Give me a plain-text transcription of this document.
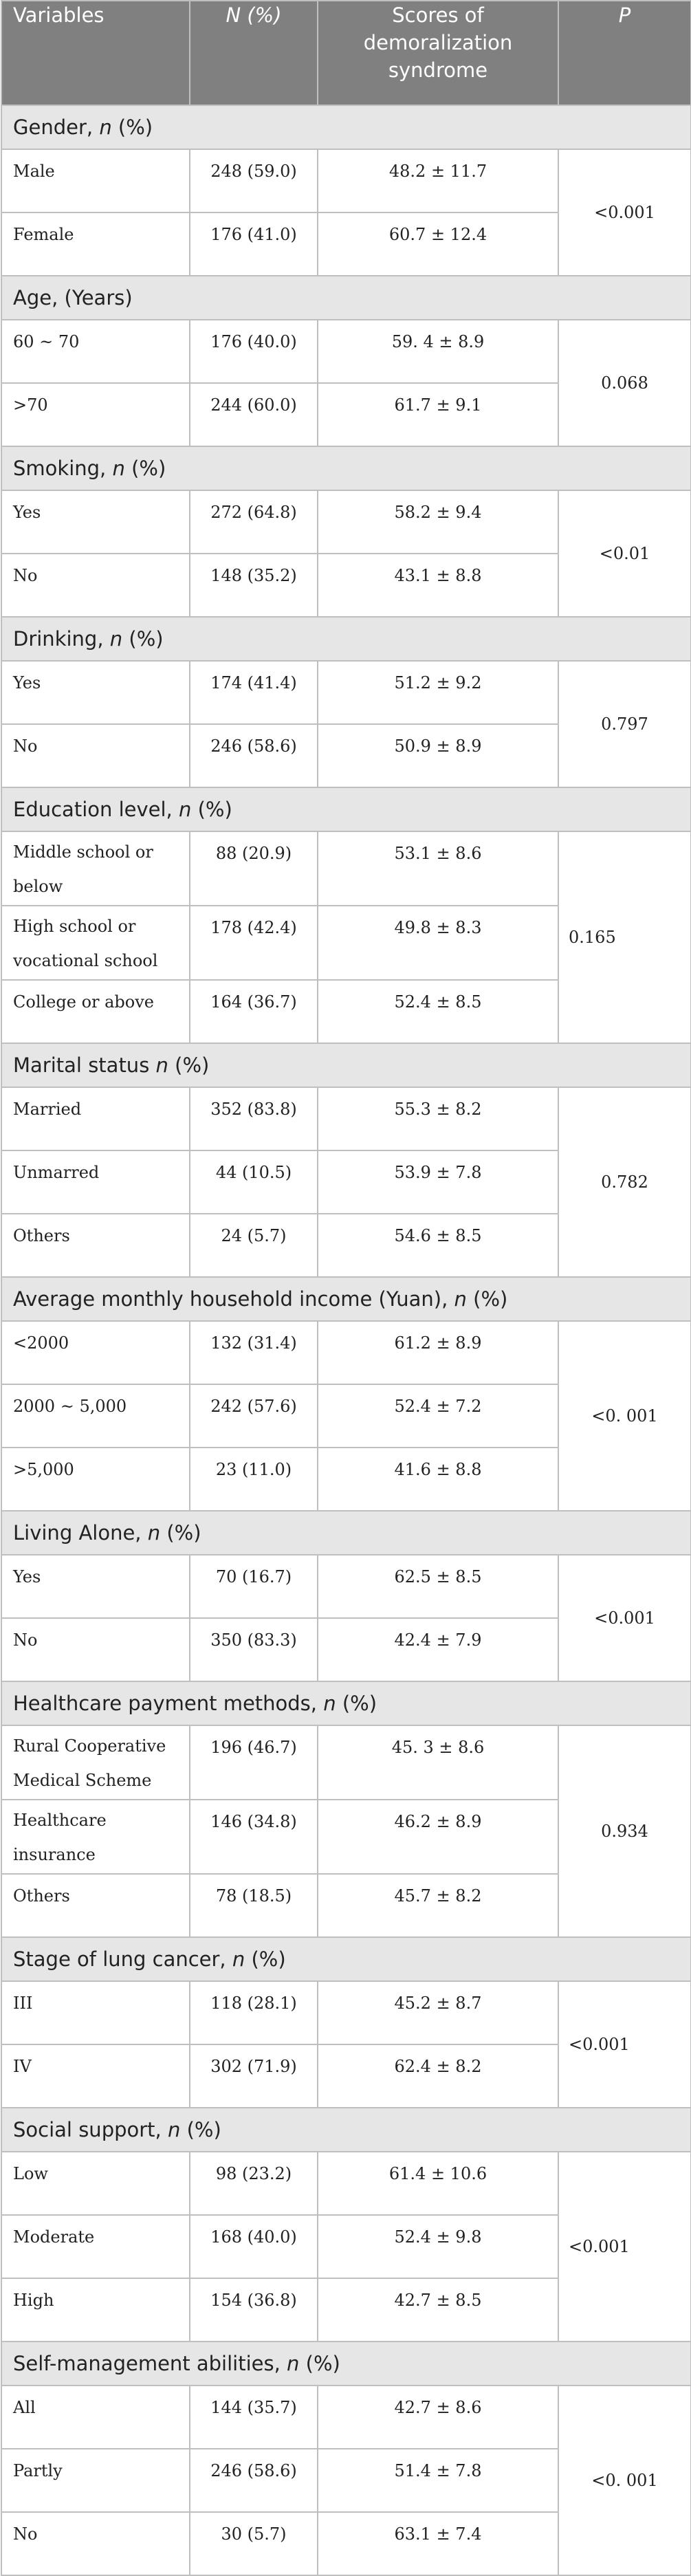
Variables	N (%)	Scores of
demoralization
syndrome	P
Gender, n (%)			
Male	248 (59.0)	48.2 ± 11.7	<0.001
Female	176 (41.0)	60.7 ± 12.4	
Age, (Years)			
60 ~ 70	176 (40.0)	59. 4 ± 8.9	0.068
>70	244 (60.0)	61.7 ± 9.1	
Smoking, n (%)			
Yes	272 (64.8)	58.2 ± 9.4	<0.01
No	148 (35.2)	43.1 ± 8.8	
Drinking, n (%)			
Yes	174 (41.4)	51.2 ± 9.2	0.797
No	246 (58.6)	50.9 ± 8.9	
Education level, n (%)			
Middle school or below	88 (20.9)	53.1 ± 8.6	0.165
High school or vocational school	178 (42.4)	49.8 ± 8.3	
College or above	164 (36.7)	52.4 ± 8.5	
Marital status n (%)			
Married	352 (83.8)	55.3 ± 8.2	0.782
Unmarred	44 (10.5)	53.9 ± 7.8	
Others	24 (5.7)	54.6 ± 8.5	
Average monthly household income (Yuan), n (%)			
<2000	132 (31.4)	61.2 ± 8.9	<0. 001
2000 ~ 5,000	242 (57.6)	52.4 ± 7.2	
>5,000	23 (11.0)	41.6 ± 8.8	
Living Alone, n (%)			
Yes	70 (16.7)	62.5 ± 8.5	<0.001
No	350 (83.3)	42.4 ± 7.9	
Healthcare payment methods, n (%)			
Rural Cooperative Medical Scheme	196 (46.7)	45. 3 ± 8.6	0.934
Healthcare insurance	146 (34.8)	46.2 ± 8.9	
Others	78 (18.5)	45.7 ± 8.2	
Stage of lung cancer, n (%)			
III	118 (28.1)	45.2 ± 8.7	<0.001
IV	302 (71.9)	62.4 ± 8.2	
Social support, n (%)			
Low	98 (23.2)	61.4 ± 10.6	<0.001
Moderate	168 (40.0)	52.4 ± 9.8	
High	154 (36.8)	42.7 ± 8.5	
Self-management abilities, n (%)			
All	144 (35.7)	42.7 ± 8.6	<0. 001
Partly	246 (58.6)	51.4 ± 7.8	
No	30 (5.7)	63.1 ± 7.4	
